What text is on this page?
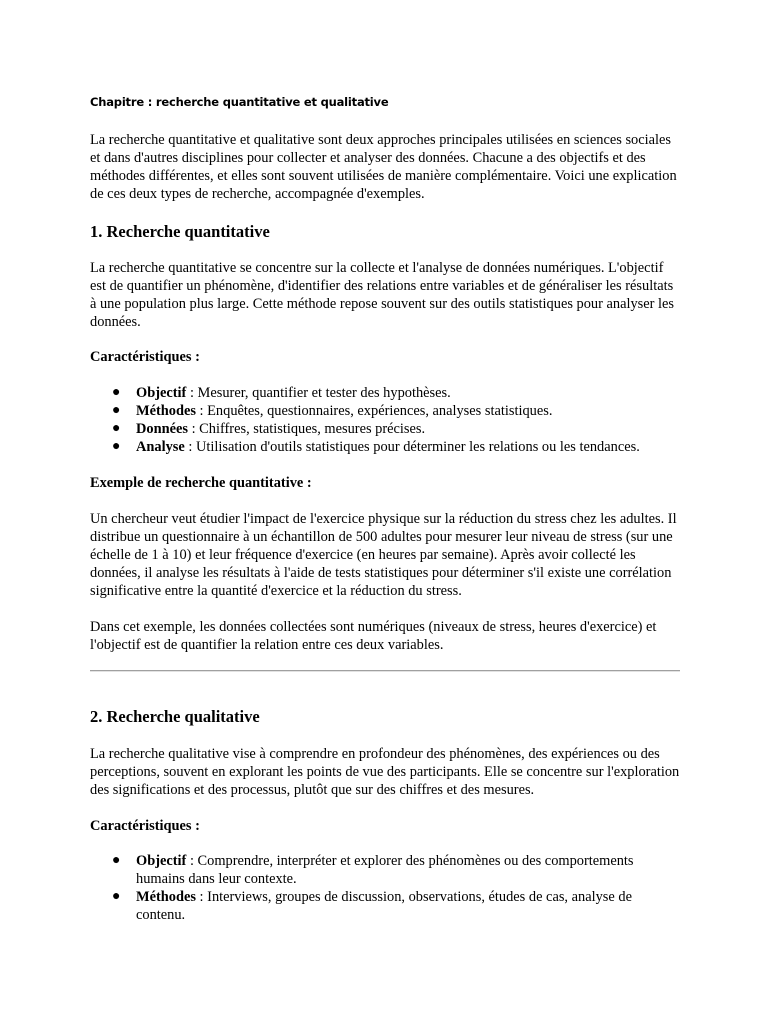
Chapitre : recherche quantitative et qualitative

La recherche quantitative et qualitative sont deux approches principales utilisées en sciences sociales et dans d'autres disciplines pour collecter et analyser des données. Chacune a des objectifs et des méthodes différentes, et elles sont souvent utilisées de manière complémentaire. Voici une explication de ces deux types de recherche, accompagnée d'exemples.

1. Recherche quantitative

La recherche quantitative se concentre sur la collecte et l'analyse de données numériques. L'objectif est de quantifier un phénomène, d'identifier des relations entre variables et de généraliser les résultats à une population plus large. Cette méthode repose souvent sur des outils statistiques pour analyser les données.

Caractéristiques :
● Objectif : Mesurer, quantifier et tester des hypothèses.
● Méthodes : Enquêtes, questionnaires, expériences, analyses statistiques.
● Données : Chiffres, statistiques, mesures précises.
● Analyse : Utilisation d'outils statistiques pour déterminer les relations ou les tendances.
Exemple de recherche quantitative :

Un chercheur veut étudier l'impact de l'exercice physique sur la réduction du stress chez les adultes. Il distribue un questionnaire à un échantillon de 500 adultes pour mesurer leur niveau de stress (sur une échelle de 1 à 10) et leur fréquence d'exercice (en heures par semaine). Après avoir collecté les données, il analyse les résultats à l'aide de tests statistiques pour déterminer s'il existe une corrélation significative entre la quantité d'exercice et la réduction du stress.

Dans cet exemple, les données collectées sont numériques (niveaux de stress, heures d'exercice) et l'objectif est de quantifier la relation entre ces deux variables.

2. Recherche qualitative

La recherche qualitative vise à comprendre en profondeur des phénomènes, des expériences ou des perceptions, souvent en explorant les points de vue des participants. Elle se concentre sur l'exploration des significations et des processus, plutôt que sur des chiffres et des mesures.

Caractéristiques :
● Objectif : Comprendre, interpréter et explorer des phénomènes ou des comportements humains dans leur contexte.
● Méthodes : Interviews, groupes de discussion, observations, études de cas, analyse de contenu.
